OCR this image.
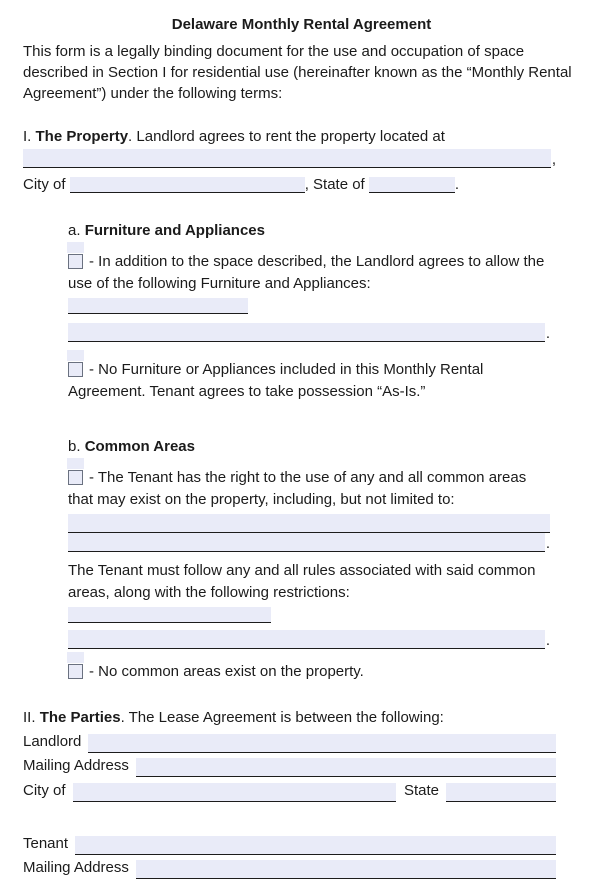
Delaware Monthly Rental Agreement

This form is a legally binding document for the use and occupation of space described in Section I for residential use (hereinafter known as the “Monthly Rental Agreement”) under the following terms:

I. The Property. Landlord agrees to rent the property located at

,

City of	, State of	.

a. Furniture and Appliances

- In addition to the space described, the Landlord agrees to allow the use of the following Furniture and Appliances:

.

- No Furniture or Appliances included in this Monthly Rental Agreement. Tenant agrees to take possession “As-Is.”

b. Common Areas

- The Tenant has the right to the use of any and all common areas that may exist on the property, including, but not limited to:

.

The Tenant must follow any and all rules associated with said common areas, along with the following restrictions:

.

- No common areas exist on the property.

II. The Parties. The Lease Agreement is between the following:

Landlord
Mailing Address
City of	State
Tenant
Mailing Address
